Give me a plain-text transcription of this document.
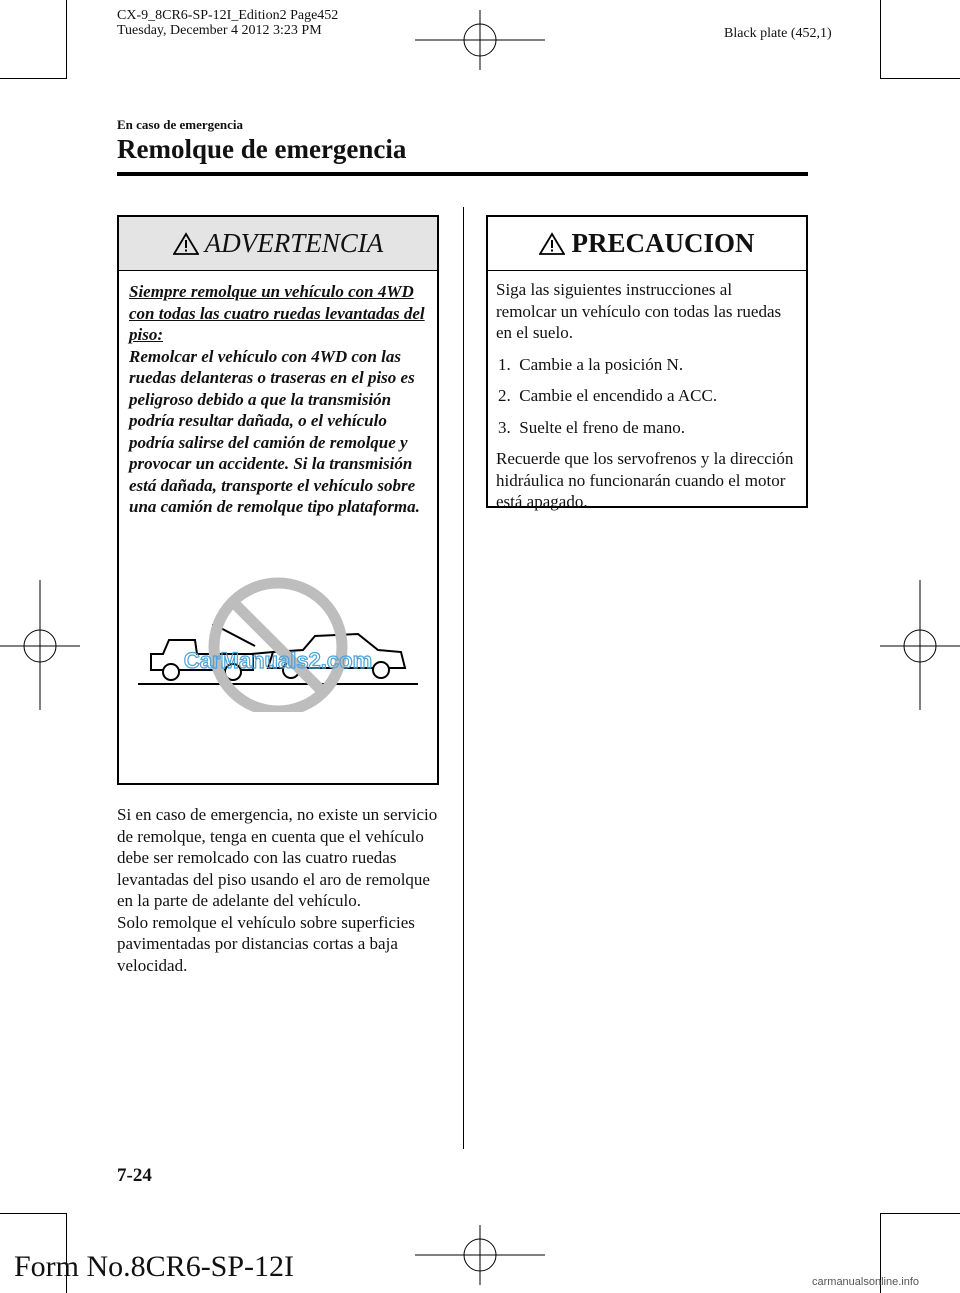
CX-9_8CR6-SP-12I_Edition2 Page452
Tuesday, December 4 2012 3:23 PM	Black plate (452,1)
En caso de emergencia
Remolque de emergencia
ADVERTENCIA
Siempre remolque un vehículo con 4WD con todas las cuatro ruedas levantadas del piso:
Remolcar el vehículo con 4WD con las ruedas delanteras o traseras en el piso es peligroso debido a que la transmisión podría resultar dañada, o el vehículo podría salirse del camión de remolque y provocar un accidente. Si la transmisión está dañada, transporte el vehículo sobre una camión de remolque tipo plataforma.
CarManuals2.com
Si en caso de emergencia, no existe un servicio de remolque, tenga en cuenta que el vehículo debe ser remolcado con las cuatro ruedas levantadas del piso usando el aro de remolque en la parte de adelante del vehículo.
Solo remolque el vehículo sobre superficies pavimentadas por distancias cortas a baja velocidad.
PRECAUCION

Siga las siguientes instrucciones al remolcar un vehículo con todas las ruedas en el suelo.

1. Cambie a la posición N.
2. Cambie el encendido a ACC.
3. Suelte el freno de mano.

Recuerde que los servofrenos y la dirección hidráulica no funcionarán cuando el motor está apagado.

7-24
Form No.8CR6-SP-12I	carmanualsonline.info
